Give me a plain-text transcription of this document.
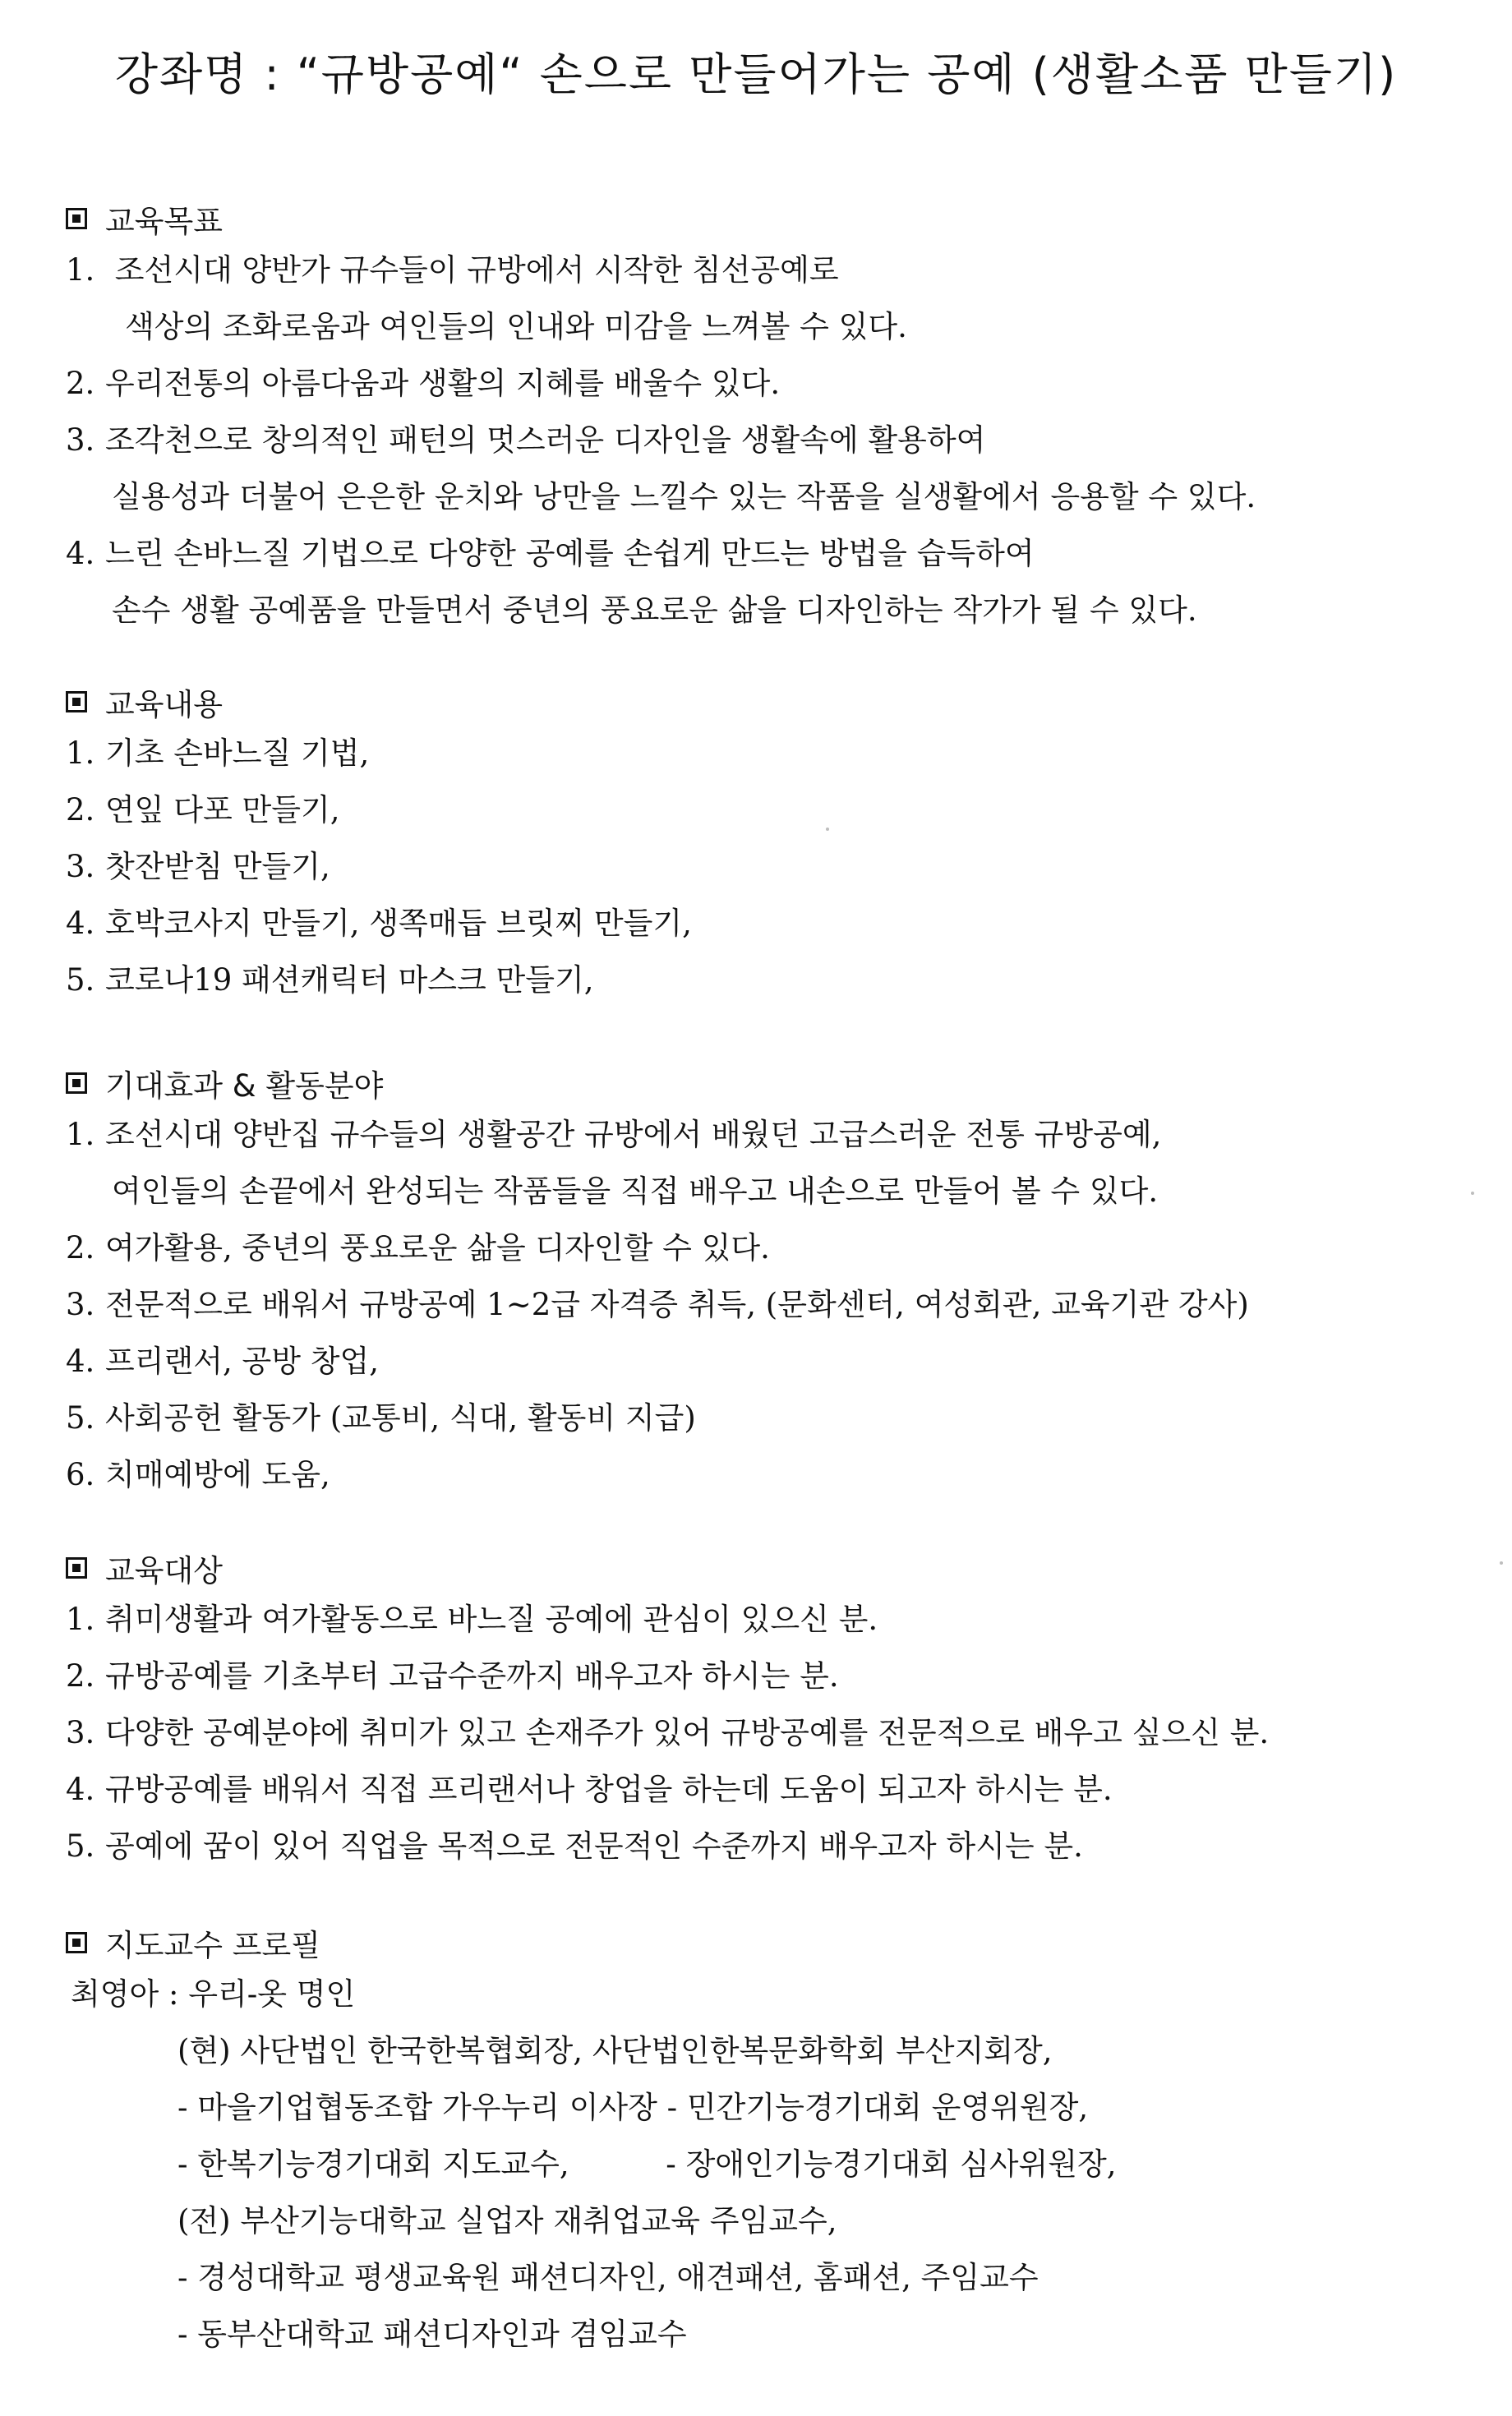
강좌명 : “규방공예“ 손으로 만들어가는 공예 (생활소품 만들기)
교육목표
1. 조선시대 양반가 규수들이 규방에서 시작한 침선공예로
색상의 조화로움과 여인들의 인내와 미감을 느껴볼 수 있다.
2. 우리전통의 아름다움과 생활의 지혜를 배울수 있다.
3. 조각천으로 창의적인 패턴의 멋스러운 디자인을 생활속에 활용하여
실용성과 더불어 은은한 운치와 낭만을 느낄수 있는 작품을 실생활에서 응용할 수 있다.
4. 느린 손바느질 기법으로 다양한 공예를 손쉽게 만드는 방법을 습득하여
손수 생활 공예품을 만들면서 중년의 풍요로운 삶을 디자인하는 작가가 될 수 있다.
교육내용
1. 기초 손바느질 기법,
2. 연잎 다포 만들기,
3. 찻잔받침 만들기,
4. 호박코사지 만들기, 생쪽매듭 브릿찌 만들기,
5. 코로나19 패션캐릭터 마스크 만들기,
기대효과 & 활동분야
1. 조선시대 양반집 규수들의 생활공간 규방에서 배웠던 고급스러운 전통 규방공예,
여인들의 손끝에서 완성되는 작품들을 직접 배우고 내손으로 만들어 볼 수 있다.
2. 여가활용, 중년의 풍요로운 삶을 디자인할 수 있다.
3. 전문적으로 배워서 규방공예 1~2급 자격증 취득, (문화센터, 여성회관, 교육기관 강사)
4. 프리랜서, 공방 창업,
5. 사회공헌 활동가 (교통비, 식대, 활동비 지급)
6. 치매예방에 도움,
교육대상
1. 취미생활과 여가활동으로 바느질 공예에 관심이 있으신 분.
2. 규방공예를 기초부터 고급수준까지 배우고자 하시는 분.
3. 다양한 공예분야에 취미가 있고 손재주가 있어 규방공예를 전문적으로 배우고 싶으신 분.
4. 규방공예를 배워서 직접 프리랜서나 창업을 하는데 도움이 되고자 하시는 분.
5. 공예에 꿈이 있어 직업을 목적으로 전문적인 수준까지 배우고자 하시는 분.
지도교수 프로필
최영아 : 우리-옷 명인
(현) 사단법인 한국한복협회장, 사단법인한복문화학회 부산지회장,
- 마을기업협동조합 가우누리 이사장 - 민간기능경기대회 운영위원장,
- 한복기능경기대회 지도교수,          - 장애인기능경기대회 심사위원장,
(전) 부산기능대학교 실업자 재취업교육 주임교수,
- 경성대학교 평생교육원 패션디자인, 애견패션, 홈패션, 주임교수
- 동부산대학교 패션디자인과 겸임교수
